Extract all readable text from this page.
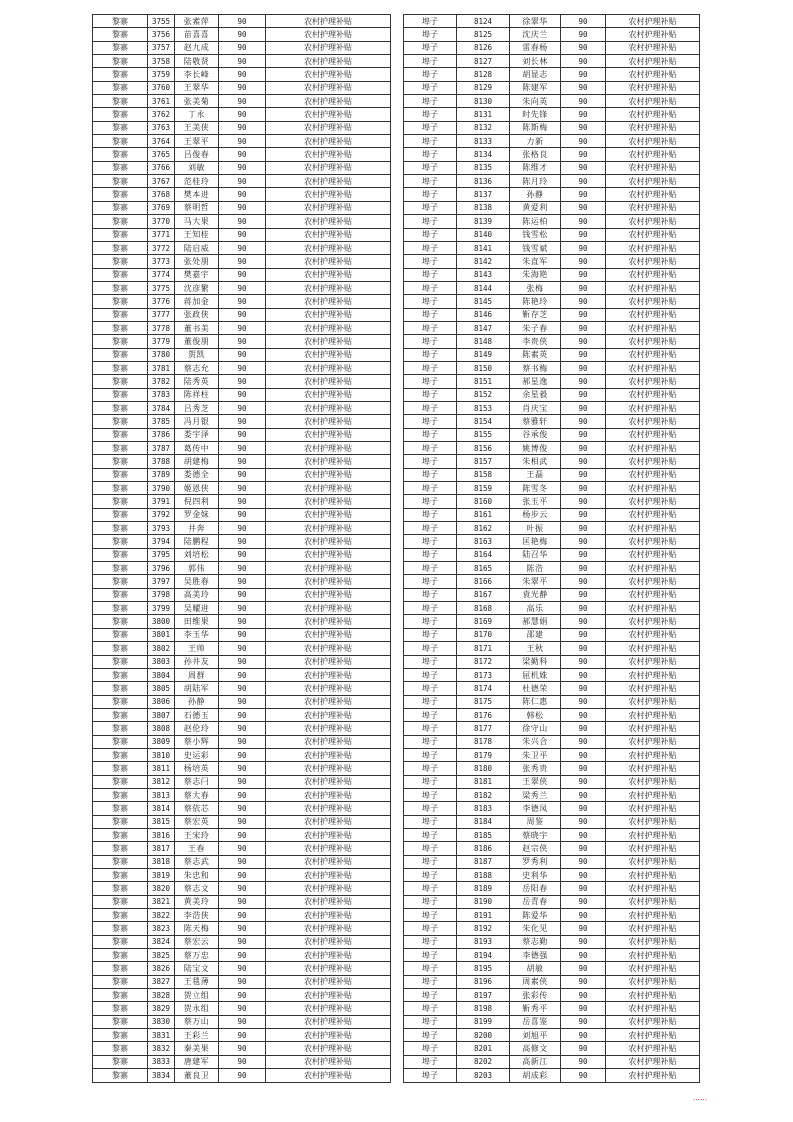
黎寨	3755	张素萍	90	农村护理补贴
黎寨	3756	苗喜喜	90	农村护理补贴
黎寨	3757	赵九成	90	农村护理补贴
黎寨	3758	陆敬贤	90	农村护理补贴
黎寨	3759	李长峰	90	农村护理补贴
黎寨	3760	王翠华	90	农村护理补贴
黎寨	3761	张美菊	90	农村护理补贴
黎寨	3762	丁永	90	农村护理补贴
黎寨	3763	王美侠	90	农村护理补贴
黎寨	3764	王翠平	90	农村护理补贴
黎寨	3765	吕俊春	90	农村护理补贴
黎寨	3766	刘敏	90	农村护理补贴
黎寨	3767	范桂玲	90	农村护理补贴
黎寨	3768	樊本进	90	农村护理补贴
黎寨	3769	蔡明哲	90	农村护理补贴
黎寨	3770	马大果	90	农村护理补贴
黎寨	3771	王知桂	90	农村护理补贴
黎寨	3772	陆启威	90	农村护理补贴
黎寨	3773	张处朋	90	农村护理补贴
黎寨	3774	樊嘉宇	90	农村护理补贴
黎寨	3775	沈彦繁	90	农村护理补贴
黎寨	3776	蒋加金	90	农村护理补贴
黎寨	3777	张政侠	90	农村护理补贴
黎寨	3778	董书美	90	农村护理补贴
黎寨	3779	董俊朋	90	农村护理补贴
黎寨	3780	贺凯	90	农村护理补贴
黎寨	3781	蔡志允	90	农村护理补贴
黎寨	3782	陆秀英	90	农村护理补贴
黎寨	3783	陈祥柱	90	农村护理补贴
黎寨	3784	吕秀芝	90	农村护理补贴
黎寨	3785	冯月银	90	农村护理补贴
黎寨	3786	娄宇泽	90	农村护理补贴
黎寨	3787	葛传中	90	农村护理补贴
黎寨	3788	胡建梅	90	农村护理补贴
黎寨	3789	娄德全	90	农村护理补贴
黎寨	3790	姬恩侠	90	农村护理补贴
黎寨	3791	倪四利	90	农村护理补贴
黎寨	3792	罗金妹	90	农村护理补贴
黎寨	3793	井奔	90	农村护理补贴
黎寨	3794	陆鹏程	90	农村护理补贴
黎寨	3795	刘培松	90	农村护理补贴
黎寨	3796	郭伟	90	农村护理补贴
黎寨	3797	吴胜春	90	农村护理补贴
黎寨	3798	高美玲	90	农村护理补贴
黎寨	3799	吴耀进	90	农村护理补贴
黎寨	3800	田维果	90	农村护理补贴
黎寨	3801	李玉华	90	农村护理补贴
黎寨	3802	王帅	90	农村护理补贴
黎寨	3803	孙井友	90	农村护理补贴
黎寨	3804	周群	90	农村护理补贴
黎寨	3805	胡陆军	90	农村护理补贴
黎寨	3806	孙静	90	农村护理补贴
黎寨	3807	石德玉	90	农村护理补贴
黎寨	3808	赵伦玲	90	农村护理补贴
黎寨	3809	蔡小辉	90	农村护理补贴
黎寨	3810	史运彩	90	农村护理补贴
黎寨	3811	杨培英	90	农村护理补贴
黎寨	3812	蔡志闩	90	农村护理补贴
黎寨	3813	蔡大春	90	农村护理补贴
黎寨	3814	蔡依芯	90	农村护理补贴
黎寨	3815	蔡宏英	90	农村护理补贴
黎寨	3816	王宋玲	90	农村护理补贴
黎寨	3817	王春	90	农村护理补贴
黎寨	3818	蔡志武	90	农村护理补贴
黎寨	3819	朱忠和	90	农村护理补贴
黎寨	3820	蔡志文	90	农村护理补贴
黎寨	3821	黄美玲	90	农村护理补贴
黎寨	3822	李浩侠	90	农村护理补贴
黎寨	3823	陈天梅	90	农村护理补贴
黎寨	3824	蔡宏云	90	农村护理补贴
黎寨	3825	蔡万忠	90	农村护理补贴
黎寨	3826	陆宝文	90	农村护理补贴
黎寨	3827	王毯薄	90	农村护理补贴
黎寨	3828	贺立组	90	农村护理补贴
黎寨	3829	贺永组	90	农村护理补贴
黎寨	3830	蔡万山	90	农村护理补贴
黎寨	3831	王彩兰	90	农村护理补贴
黎寨	3832	秦美果	90	农村护理补贴
黎寨	3833	唐建军	90	农村护理补贴
黎寨	3834	董良卫	90	农村护理补贴
埠子	8124	徐翠华	90	农村护理补贴
埠子	8125	沈庆兰	90	农村护理补贴
埠子	8126	雷春杨	90	农村护理补贴
埠子	8127	刘长林	90	农村护理补贴
埠子	8128	胡显志	90	农村护理补贴
埠子	8129	陈建军	90	农村护理补贴
埠子	8130	朱向英	90	农村护理补贴
埠子	8131	时先锋	90	农村护理补贴
埠子	8132	陈斯梅	90	农村护理补贴
埠子	8133	力新	90	农村护理补贴
埠子	8134	张格良	90	农村护理补贴
埠子	8135	陈维才	90	农村护理补贴
埠子	8136	陈月玲	90	农村护理补贴
埠子	8137	孙静	90	农村护理补贴
埠子	8138	黄爱利	90	农村护理补贴
埠子	8139	陈运柏	90	农村护理补贴
埠子	8140	钱雪松	90	农村护理补贴
埠子	8141	钱雪斌	90	农村护理补贴
埠子	8142	朱直军	90	农村护理补贴
埠子	8143	朱海艳	90	农村护理补贴
埠子	8144	张梅	90	农村护理补贴
埠子	8145	陈艳玲	90	农村护理补贴
埠子	8146	靳存芝	90	农村护理补贴
埠子	8147	朱子春	90	农村护理补贴
埠子	8148	李贵侠	90	农村护理补贴
埠子	8149	陈素英	90	农村护理补贴
埠子	8150	蔡书梅	90	农村护理补贴
埠子	8151	郝星逸	90	农村护理补贴
埠子	8152	余星毅	90	农村护理补贴
埠子	8153	肖庆宝	90	农村护理补贴
埠子	8154	蔡雅轩	90	农村护理补贴
埠子	8155	谷承俊	90	农村护理补贴
埠子	8156	姚博俊	90	农村护理补贴
埠子	8157	朱相武	90	农村护理补贴
埠子	8158	王磊	90	农村护理补贴
埠子	8159	陈雪冬	90	农村护理补贴
埠子	8160	张玉平	90	农村护理补贴
埠子	8161	杨步云	90	农村护理补贴
埠子	8162	叶振	90	农村护理补贴
埠子	8163	匡艳梅	90	农村护理补贴
埠子	8164	陆召华	90	农村护理补贴
埠子	8165	陈浩	90	农村护理补贴
埠子	8166	朱翠平	90	农村护理补贴
埠子	8167	袁光静	90	农村护理补贴
埠子	8168	高乐	90	农村护理补贴
埠子	8169	郝慧娟	90	农村护理补贴
埠子	8170	邵建	90	农村护理补贴
埠子	8171	王秋	90	农村护理补贴
埠子	8172	梁勤科	90	农村护理补贴
埠子	8173	屈机姝	90	农村护理补贴
埠子	8174	杜德荣	90	农村护理补贴
埠子	8175	陈仁惠	90	农村护理补贴
埠子	8176	韩松	90	农村护理补贴
埠子	8177	徐守山	90	农村护理补贴
埠子	8178	朱兴合	90	农村护理补贴
埠子	8179	朱卫平	90	农村护理补贴
埠子	8180	张秀贵	90	农村护理补贴
埠子	8181	王翠侠	90	农村护理补贴
埠子	8182	梁秀兰	90	农村护理补贴
埠子	8183	李德凤	90	农村护理补贴
埠子	8184	周鉴	90	农村护理补贴
埠子	8185	蔡晓宇	90	农村护理补贴
埠子	8186	赵宗侠	90	农村护理补贴
埠子	8187	罗秀利	90	农村护理补贴
埠子	8188	史利华	90	农村护理补贴
埠子	8189	岳阳春	90	农村护理补贴
埠子	8190	岳青春	90	农村护理补贴
埠子	8191	陈爱华	90	农村护理补贴
埠子	8192	朱化见	90	农村护理补贴
埠子	8193	蔡志勤	90	农村护理补贴
埠子	8194	李德强	90	农村护理补贴
埠子	8195	胡敏	90	农村护理补贴
埠子	8196	周素侠	90	农村护理补贴
埠子	8197	张彩传	90	农村护理补贴
埠子	8198	靳秀平	90	农村护理补贴
埠子	8199	岳喜鉴	90	农村护理补贴
埠子	8200	刘旭平	90	农村护理补贴
埠子	8201	高修文	90	农村护理补贴
埠子	8202	高新江	90	农村护理补贴
埠子	8203	胡成彩	90	农村护理补贴
……
